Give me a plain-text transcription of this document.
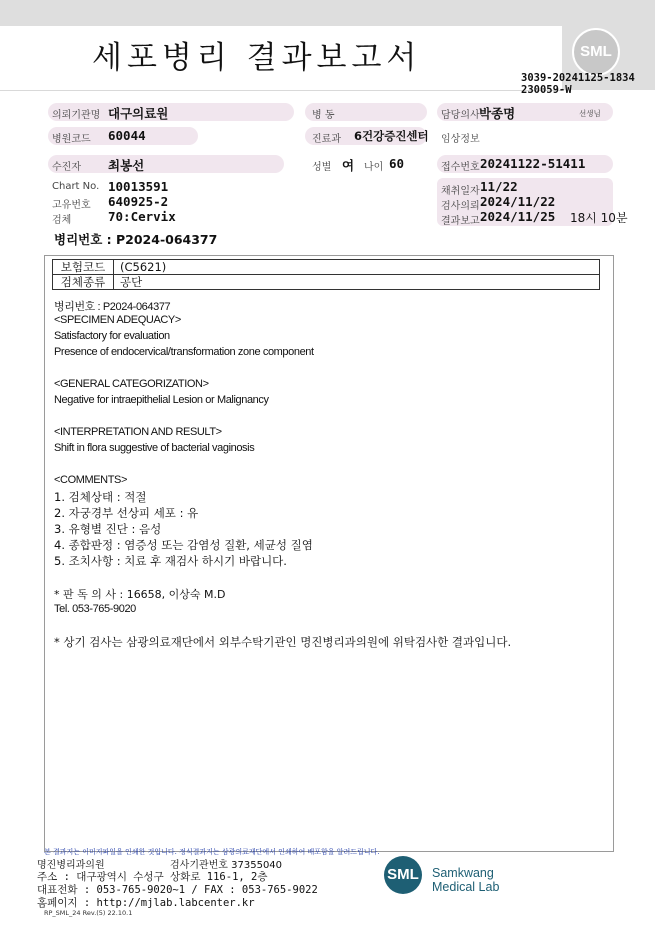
세포병리 결과보고서	SML
3039-20241125-1834
230059-W
의뢰기관명 대구의료원	병 동	담당의사 박종명	선생님
병원코드 60044	진료과 6건강증진센터 임상정보
수진자 최봉선	성별 여 나이 60	접수번호 20241122-51411
Chart No. 10013591
고유번호 640925-2
검체	70:Cervix
채취일자 11/22
검사의뢰 2024/11/22
결과보고 2024/11/25 18시 10분
병리번호 : P2024-064377
보험코드	(C5621)
검체종류	공단
병리번호 : P2024-064377
<SPECIMEN ADEQUACY>
Satisfactory for evaluation
Presence of endocervical/transformation zone component
<GENERAL CATEGORIZATION>
Negative for intraepithelial Lesion or Malignancy
<INTERPRETATION AND RESULT>
Shift in flora suggestive of bacterial vaginosis
<COMMENTS>
1. 검체상태 : 적절
2. 자궁경부 선상피 세포 : 유
3. 유형별 진단 : 음성
4. 종합판정 : 염증성 또는 감염성 질환, 세균성 질염
5. 조치사항 : 치료 후 재검사 하시기 바랍니다.
* 판 독 의 사 : 16658, 이상숙 M.D
Tel. 053-765-9020
* 상기 검사는 삼광의료재단에서 외부수탁기관인 명진병리과의원에 위탁검사한 결과입니다.
본 결과지는 이미지파일을 인쇄한 것입니다. 정식결과지는 삼광의료재단에서 인쇄하여 배포함을 알려드립니다.
명진병리과의원	검사기관번호 37355040
주소 : 대구광역시 수성구 상화로 116-1, 2층
대표전화 : 053-765-9020~1 / FAX : 053-765-9022
홈페이지 : http://mjlab.labcenter.kr
RP_SML_24 Rev.(5) 22.10.1
SML Samkwang
Medical Lab
